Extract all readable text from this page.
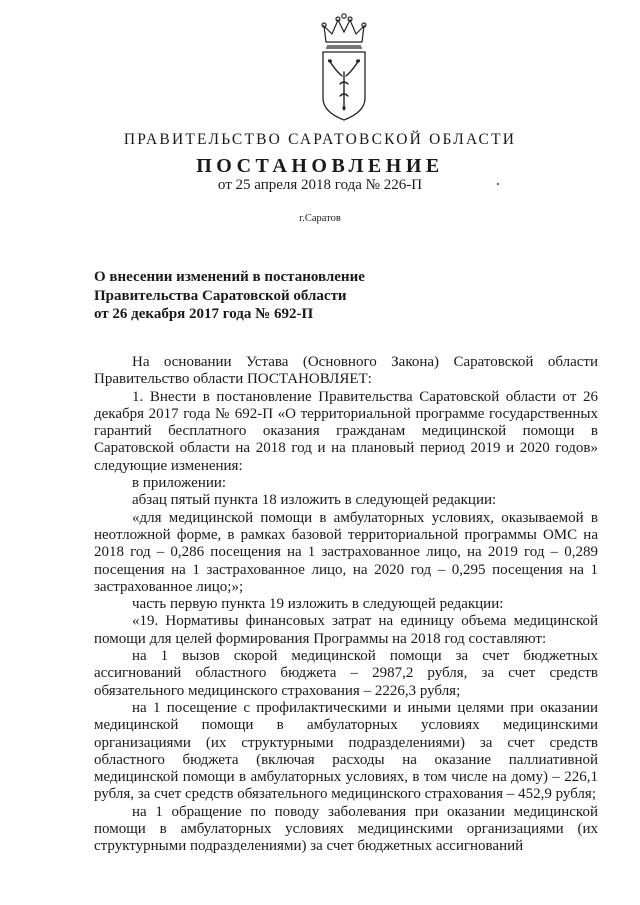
ПРАВИТЕЛЬСТВО САРАТОВСКОЙ ОБЛАСТИ
ПОСТАНОВЛЕНИЕ
от 25 апреля 2018 года № 226-П
г.Саратов
О внесении изменений в постановление
Правительства Саратовской области
от 26 декабря 2017 года № 692-П
На основании Устава (Основного Закона) Саратовской области Правительство области ПОСТАНОВЛЯЕТ:
1. Внести в постановление Правительства Саратовской области от 26 декабря 2017 года № 692-П «О территориальной программе государственных гарантий бесплатного оказания гражданам медицинской помощи в Саратовской области на 2018 год и на плановый период 2019 и 2020 годов» следующие изменения:
в приложении:
абзац пятый пункта 18 изложить в следующей редакции:
«для медицинской помощи в амбулаторных условиях, оказываемой в неотложной форме, в рамках базовой территориальной программы ОМС на 2018 год – 0,286 посещения на 1 застрахованное лицо, на 2019 год – 0,289 посещения на 1 застрахованное лицо, на 2020 год – 0,295 посещения на 1 застрахованное лицо;»;
часть первую пункта 19 изложить в следующей редакции:
«19. Нормативы финансовых затрат на единицу объема медицинской помощи для целей формирования Программы на 2018 год составляют:
на 1 вызов скорой медицинской помощи за счет бюджетных ассигнований областного бюджета – 2987,2 рубля, за счет средств обязательного медицинского страхования – 2226,3 рубля;
на 1 посещение с профилактическими и иными целями при оказании медицинской помощи в амбулаторных условиях медицинскими организациями (их структурными подразделениями) за счет средств областного бюджета (включая расходы на оказание паллиативной медицинской помощи в амбулаторных условиях, в том числе на дому) – 226,1 рубля, за счет средств обязательного медицинского страхования – 452,9 рубля;
на 1 обращение по поводу заболевания при оказании медицинской помощи в амбулаторных условиях медицинскими организациями (их структурными подразделениями) за счет бюджетных ассигнований
